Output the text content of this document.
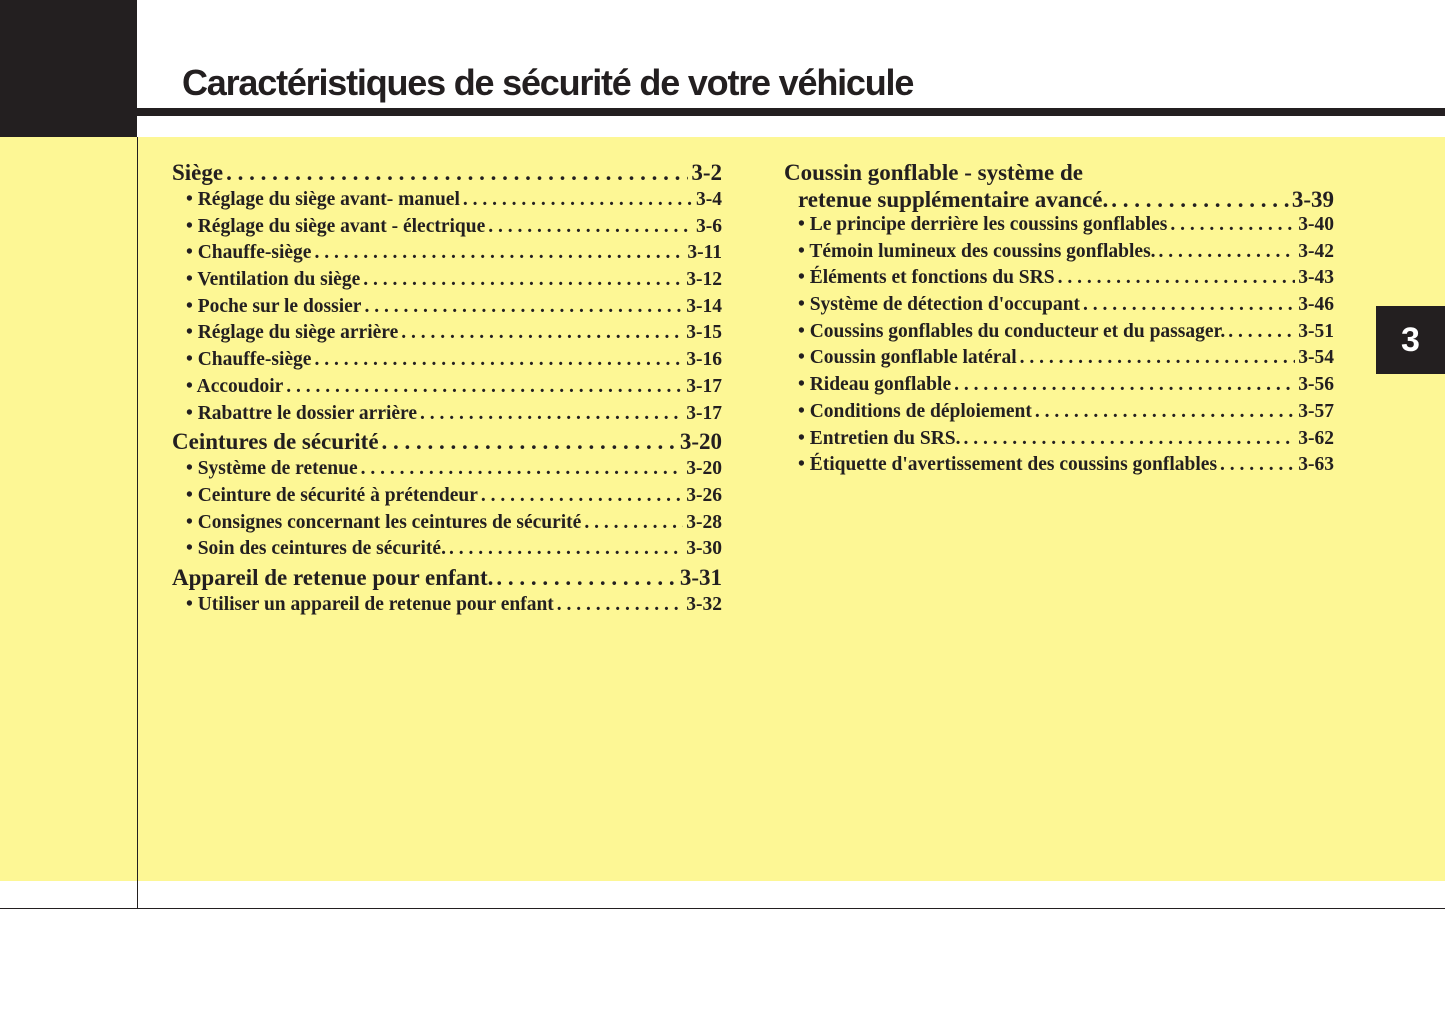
Caractéristiques de sécurité de votre véhicule
3
Siège . . .	3-2
• Réglage du siège avant- manuel . . .	3-4
• Réglage du siège avant - électrique . . .	3-6
• Chauffe-siège . . .	3-11
• Ventilation du siège . . .	3-12
• Poche sur le dossier . . .	3-14
• Réglage du siège arrière . . .	3-15
• Chauffe-siège . . .	3-16
• Accoudoir . . .	3-17
• Rabattre le dossier arrière . . .	3-17
Ceintures de sécurité . . .	3-20
• Système de retenue . . .	3-20
• Ceinture de sécurité à prétendeur . . .	3-26
• Consignes concernant les ceintures de sécurité . . .	3-28
• Soin des ceintures de sécurité. . . .	3-30
Appareil de retenue pour enfant. . . .	3-31
• Utiliser un appareil de retenue pour enfant . . .	3-32
Coussin gonflable - système de
retenue supplémentaire avancé. . . .	3-39
• Le principe derrière les coussins gonflables . . .	3-40
• Témoin lumineux des coussins gonflables. . . .	3-42
• Éléments et fonctions du SRS . . .	3-43
• Système de détection d'occupant . . .	3-46
• Coussins gonflables du conducteur et du passager. . . .	3-51
• Coussin gonflable latéral . . .	3-54
• Rideau gonflable . . .	3-56
• Conditions de déploiement . . .	3-57
• Entretien du SRS. . . .	3-62
• Étiquette d'avertissement des coussins gonflables . . .	3-63
